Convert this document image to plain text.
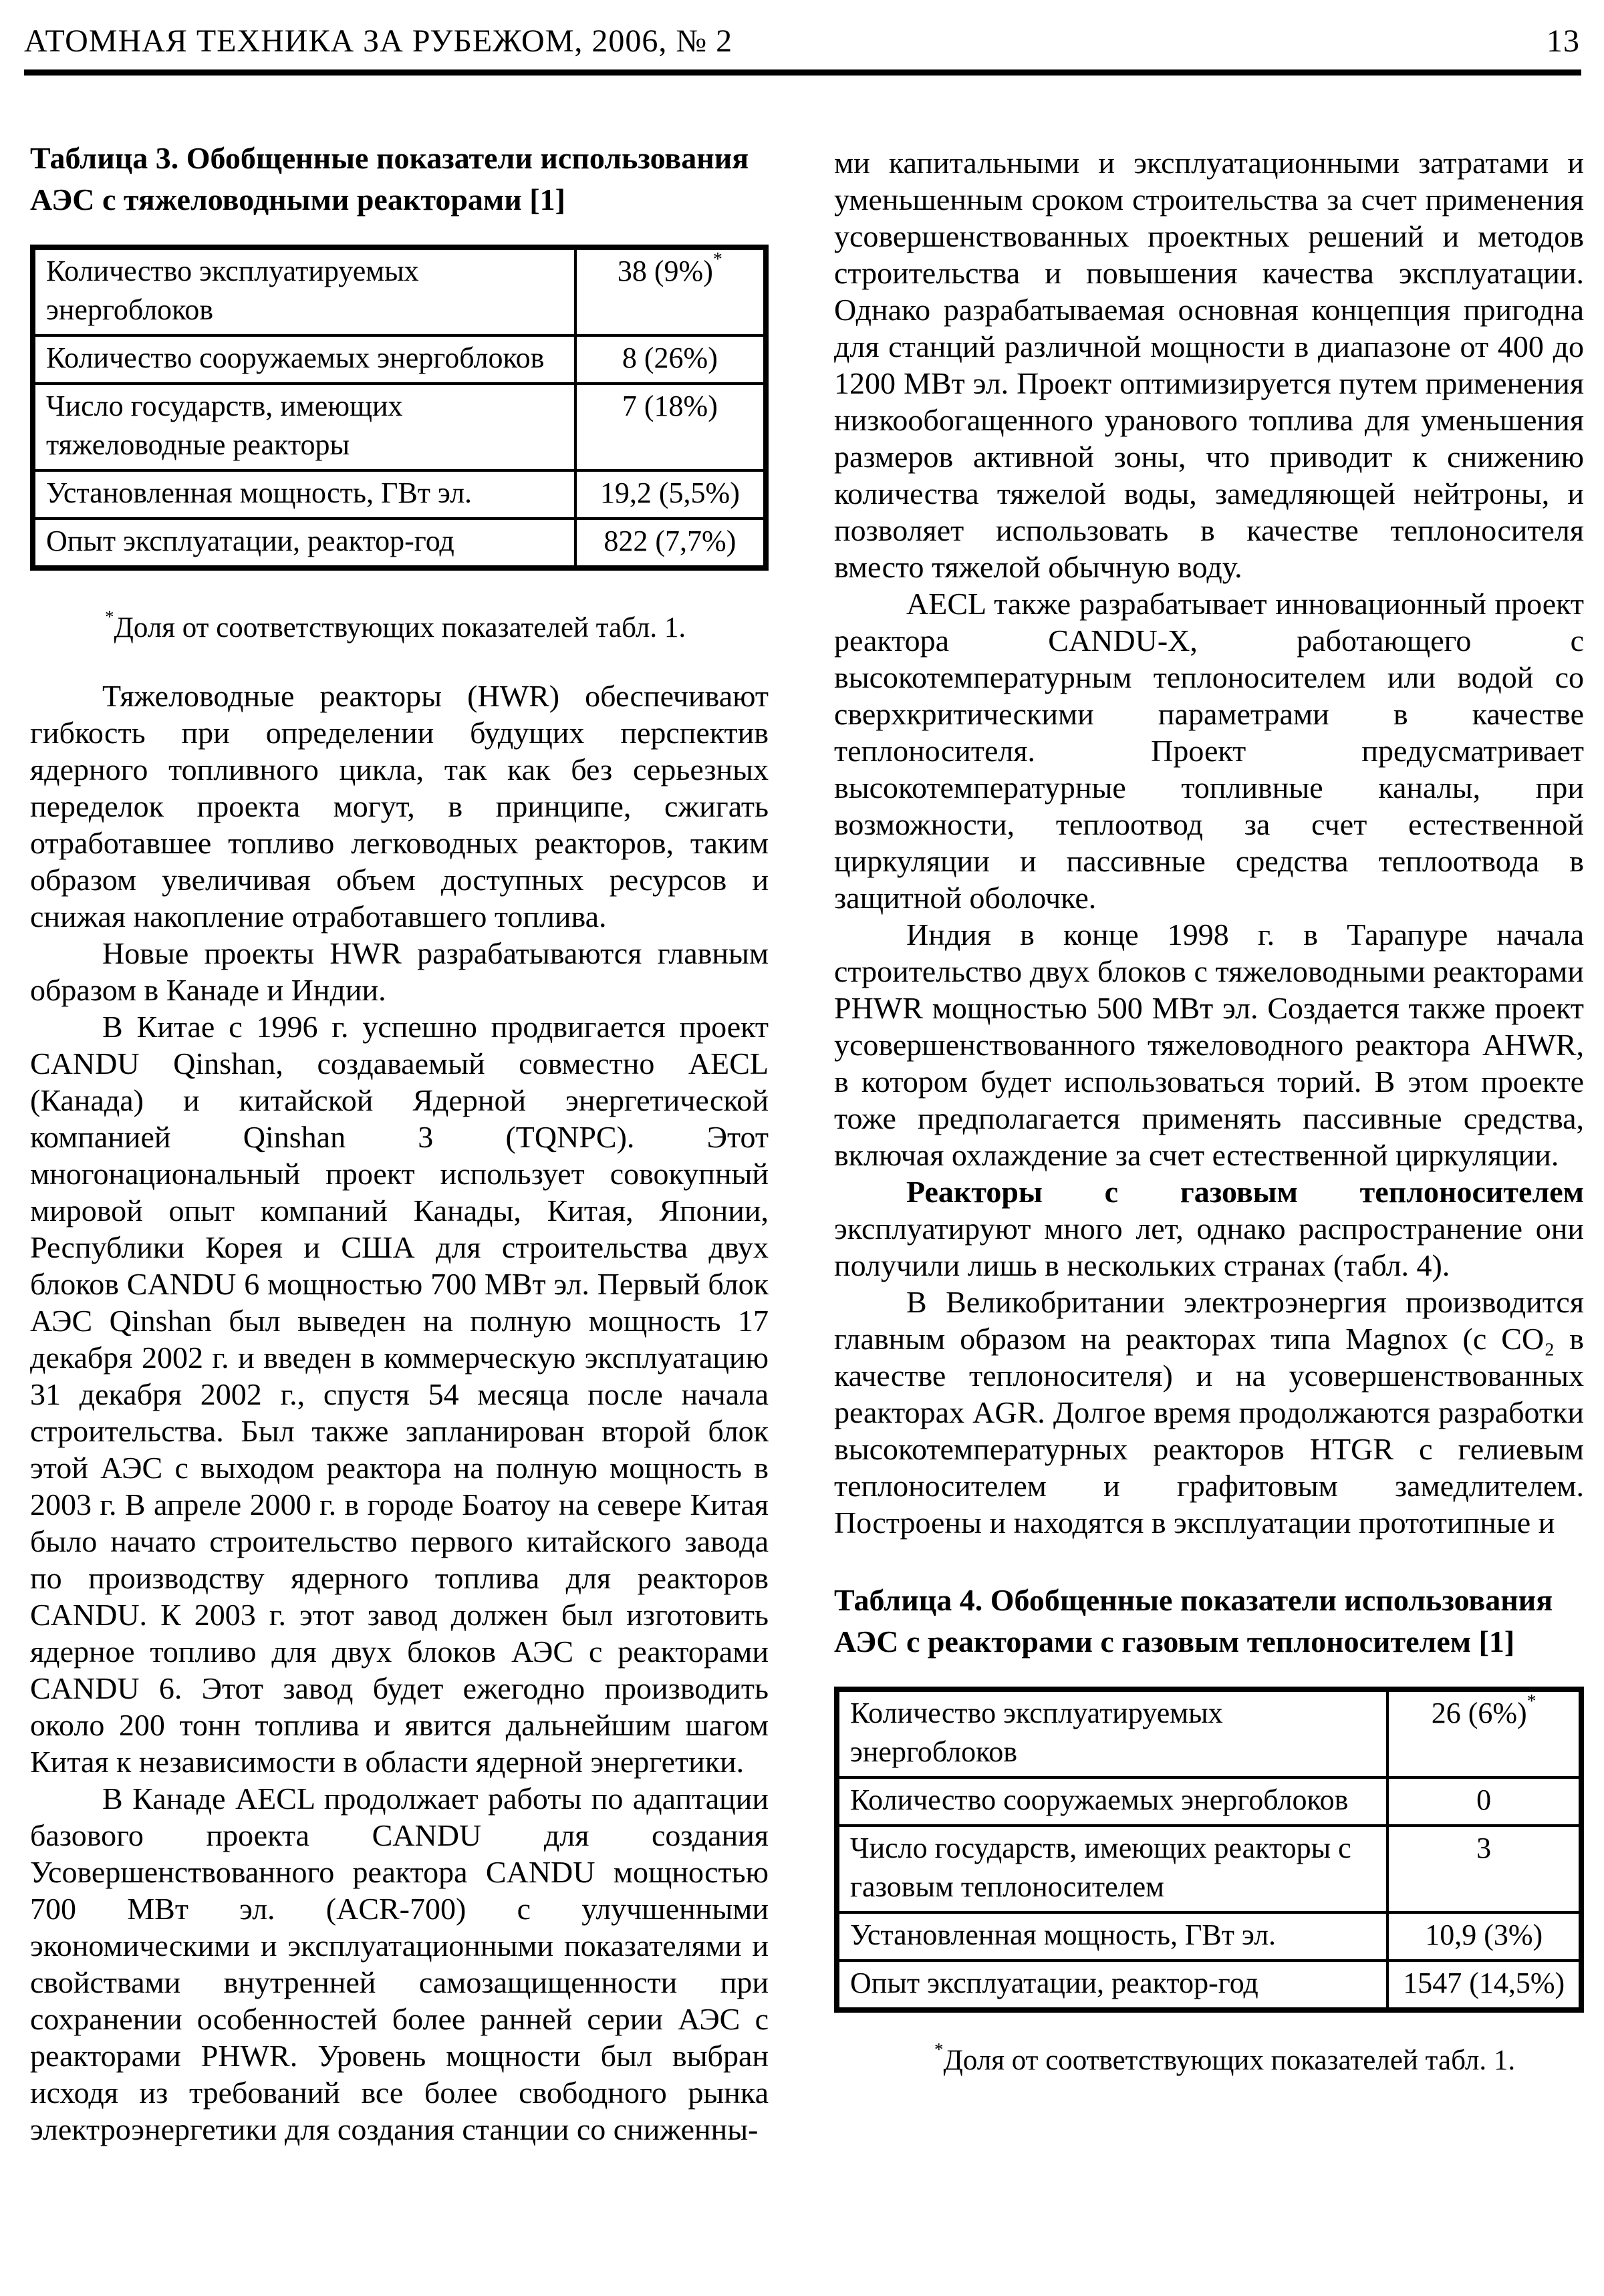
АТОМНАЯ ТЕХНИКА ЗА РУБЕЖОМ, 2006, № 2	13

Таблица 3. Обобщенные показатели использования АЭС с тяжеловодными реакторами [1]

Количество эксплуатируемых энергоблоков	38 (9%)*
Количество сооружаемых энергоблоков	8 (26%)
Число государств, имеющих тяжеловодные реакторы	7 (18%)
Установленная мощность, ГВт эл.	19,2 (5,5%)
Опыт эксплуатации, реактор-год	822 (7,7%)

*Доля от соответствующих показателей табл. 1.

Тяжеловодные реакторы (HWR) обеспечивают гибкость при определении будущих перспектив ядерного топливного цикла, так как без серьезных переделок проекта могут, в принципе, сжигать отработавшее топливо легководных реакторов, таким образом увеличивая объем доступных ресурсов и снижая накопление отработавшего топлива.

Новые проекты HWR разрабатываются главным образом в Канаде и Индии.

В Китае с 1996 г. успешно продвигается проект CANDU Qinshan, создаваемый совместно AECL (Канада) и китайской Ядерной энергетической компанией Qinshan 3 (TQNPC). Этот многонациональный проект использует совокупный мировой опыт компаний Канады, Китая, Японии, Республики Корея и США для строительства двух блоков CANDU 6 мощностью 700 МВт эл. Первый блок АЭС Qinshan был выведен на полную мощность 17 декабря 2002 г. и введен в коммерческую эксплуатацию 31 декабря 2002 г., спустя 54 месяца после начала строительства. Был также запланирован второй блок этой АЭС с выходом реактора на полную мощность в 2003 г. В апреле 2000 г. в городе Боатоу на севере Китая было начато строительство первого китайского завода по производству ядерного топлива для реакторов CANDU. К 2003 г. этот завод должен был изготовить ядерное топливо для двух блоков АЭС с реакторами CANDU 6. Этот завод будет ежегодно производить около 200 тонн топлива и явится дальнейшим шагом Китая к независимости в области ядерной энергетики.

В Канаде AECL продолжает работы по адаптации базового проекта CANDU для создания Усовершенствованного реактора CANDU мощностью 700 МВт эл. (ACR-700) с улучшенными экономическими и эксплуатационными показателями и свойствами внутренней самозащищенности при сохранении особенностей более ранней серии АЭС с реакторами PHWR. Уровень мощности был выбран исходя из требований все более свободного рынка электроэнергетики для создания станции со сниженны-

ми капитальными и эксплуатационными затратами и уменьшенным сроком строительства за счет применения усовершенствованных проектных решений и методов строительства и повышения качества эксплуатации. Однако разрабатываемая основная концепция пригодна для станций различной мощности в диапазоне от 400 до 1200 МВт эл. Проект оптимизируется путем применения низкообогащенного уранового топлива для уменьшения размеров активной зоны, что приводит к снижению количества тяжелой воды, замедляющей нейтроны, и позволяет использовать в качестве теплоносителя вместо тяжелой обычную воду.

AECL также разрабатывает инновационный проект реактора CANDU-X, работающего с высокотемпературным теплоносителем или водой со сверхкритическими параметрами в качестве теплоносителя. Проект предусматривает высокотемпературные топливные каналы, при возможности, теплоотвод за счет естественной циркуляции и пассивные средства теплоотвода в защитной оболочке.

Индия в конце 1998 г. в Тарапуре начала строительство двух блоков с тяжеловодными реакторами PHWR мощностью 500 МВт эл. Создается также проект усовершенствованного тяжеловодного реактора AHWR, в котором будет использоваться торий. В этом проекте тоже предполагается применять пассивные средства, включая охлаждение за счет естественной циркуляции.

Реакторы с газовым теплоносителем эксплуатируют много лет, однако распространение они получили лишь в нескольких странах (табл. 4).

В Великобритании электроэнергия производится главным образом на реакторах типа Magnox (с CO₂ в качестве теплоносителя) и на усовершенствованных реакторах AGR. Долгое время продолжаются разработки высокотемпературных реакторов HTGR с гелиевым теплоносителем и графитовым замедлителем. Построены и находятся в эксплуатации прототипные и

Таблица 4. Обобщенные показатели использования АЭС с реакторами с газовым теплоносителем [1]

Количество эксплуатируемых энергоблоков	26 (6%)*
Количество сооружаемых энергоблоков	0
Число государств, имеющих реакторы с газовым теплоносителем	3
Установленная мощность, ГВт эл.	10,9 (3%)
Опыт эксплуатации, реактор-год	1547 (14,5%)

*Доля от соответствующих показателей табл. 1.
